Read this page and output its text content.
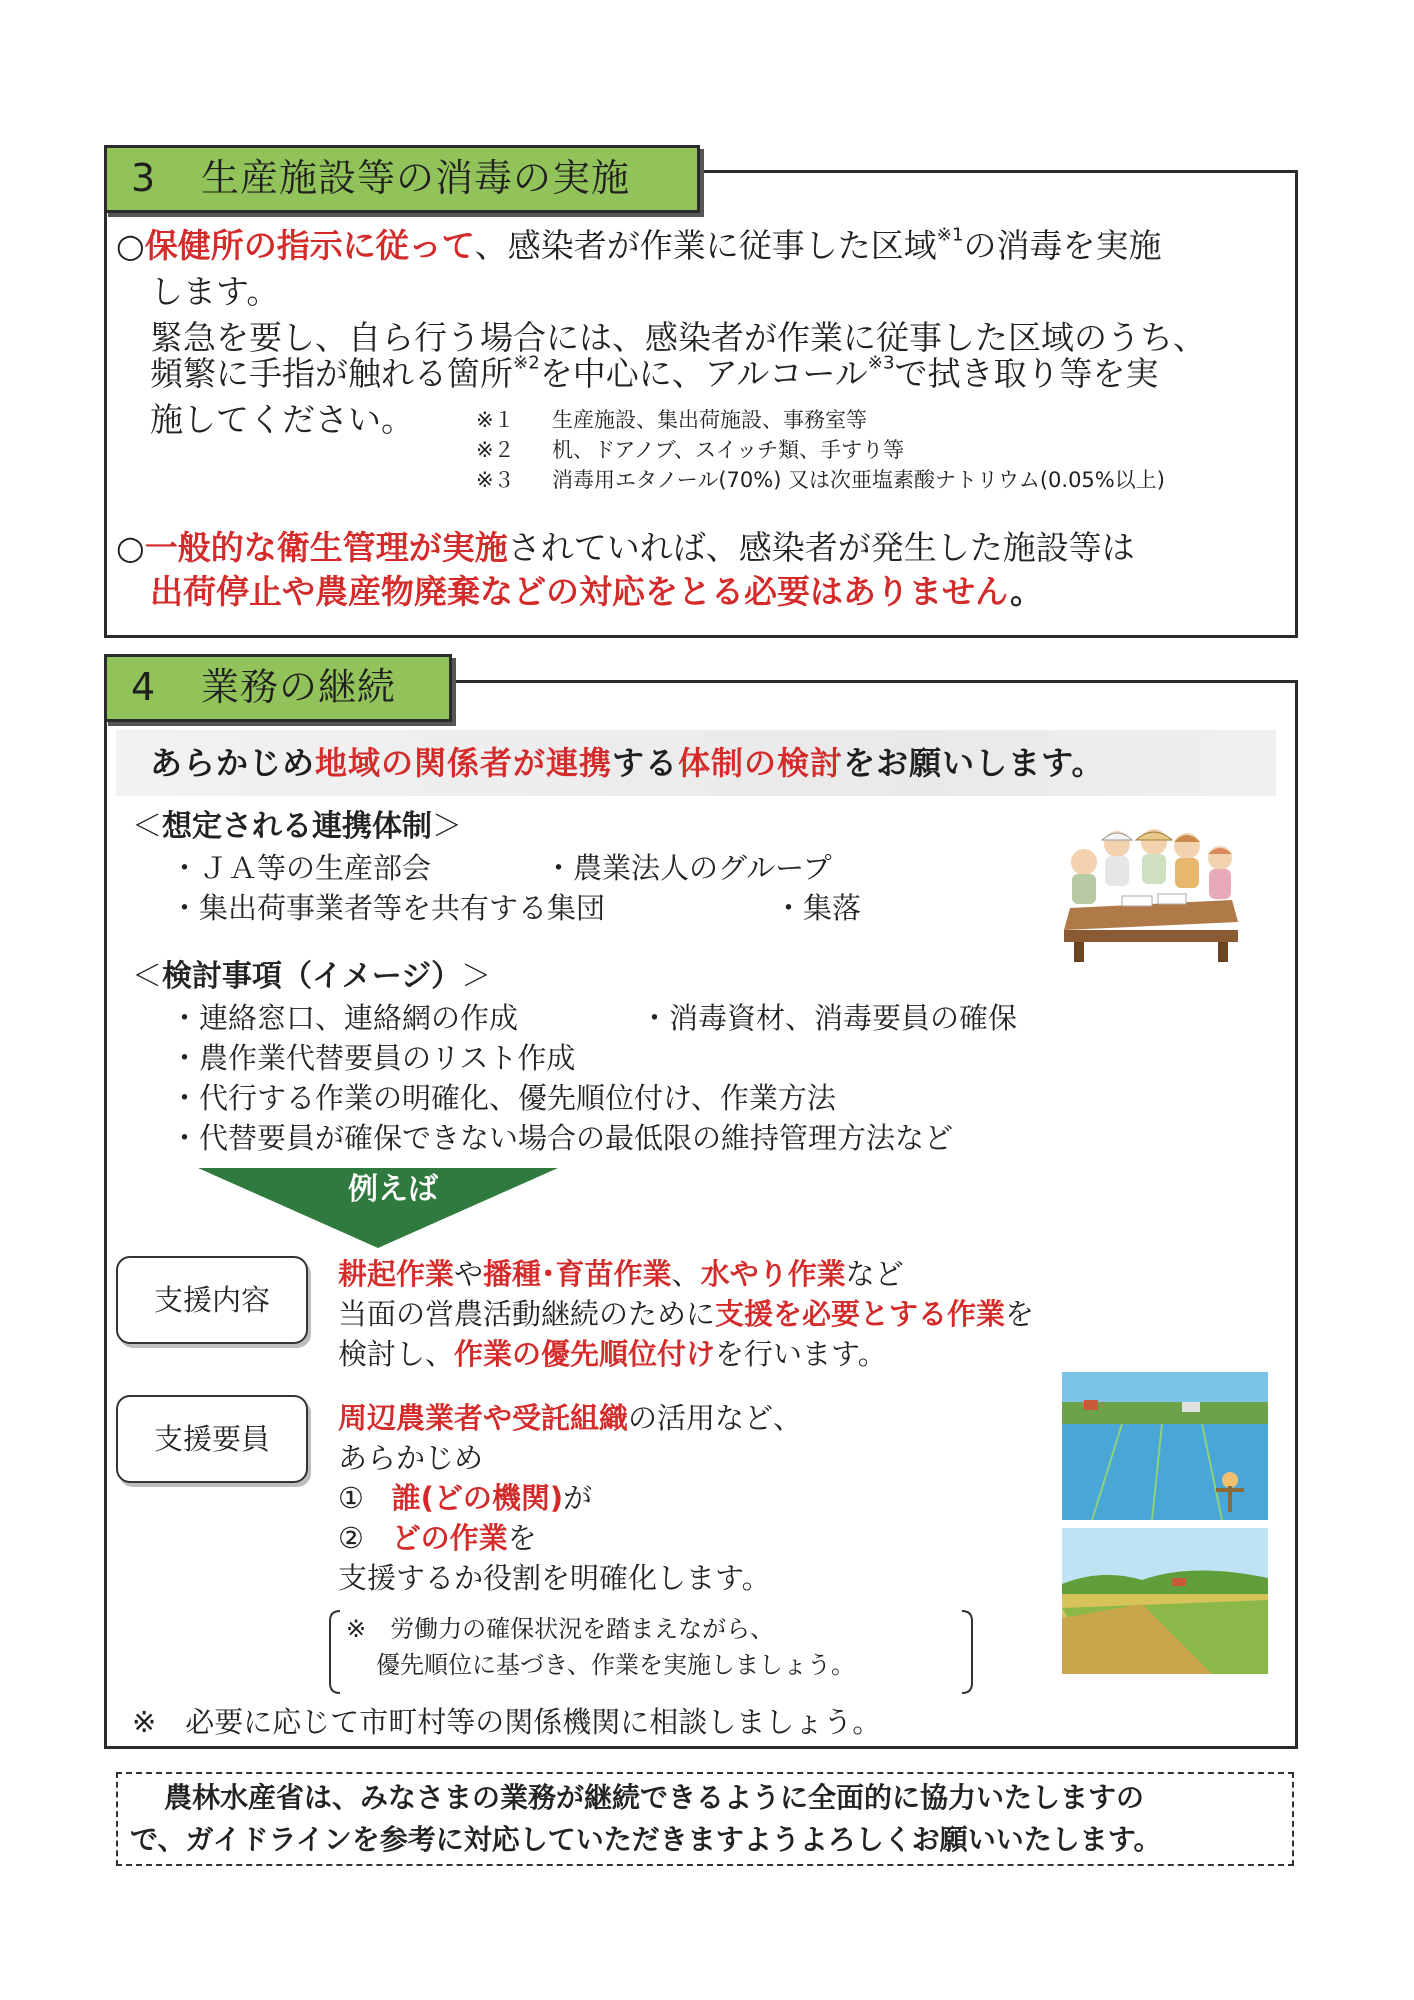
3 生産施設等の消毒の実施
○保健所の指示に従って、感染者が作業に従事した区域$^{※1}$の消毒を実施
します。
緊急を要し、自ら行う場合には、感染者が作業に従事した区域のうち、
頻繁に手指が触れる箇所$^{※2}$を中心に、アルコール$^{※3}$で拭き取り等を実
施してください。	※１ 生産施設、集出荷施設、事務室等
※２ 机、ドアノブ、スイッチ類、手すり等
※３ 消毒用エタノール(70%) 又は次亜塩素酸ナトリウム(0.05%以上)
○一般的な衛生管理が実施されていれば、感染者が発生した施設等は
出荷停止や農産物廃棄などの対応をとる必要はありません。
4 業務の継続
あらかじめ地域の関係者が連携する体制の検討をお願いします。
＜想定される連携体制＞
・ＪＡ等の生産部会	・農業法人のグループ
・集出荷事業者等を共有する集団	・集落
＜検討事項（イメージ）＞
・連絡窓口、連絡網の作成	・消毒資材、消毒要員の確保
・農作業代替要員のリスト作成
・代行する作業の明確化、優先順位付け、作業方法
・代替要員が確保できない場合の最低限の維持管理方法など
例えば
支援内容
耕起作業や播種･育苗作業、水やり作業など
当面の営農活動継続のために支援を必要とする作業を
検討し、作業の優先順位付けを行います。
支援要員
周辺農業者や受託組織の活用など、
あらかじめ
① 誰(どの機関)が
② どの作業を
支援するか役割を明確化します。
※　労働力の確保状況を踏まえながら、
優先順位に基づき、作業を実施しましょう。
※　必要に応じて市町村等の関係機関に相談しましょう。
農林水産省は、みなさまの業務が継続できるように全面的に協力いたしますの
で、ガイドラインを参考に対応していただきますようよろしくお願いいたします。
